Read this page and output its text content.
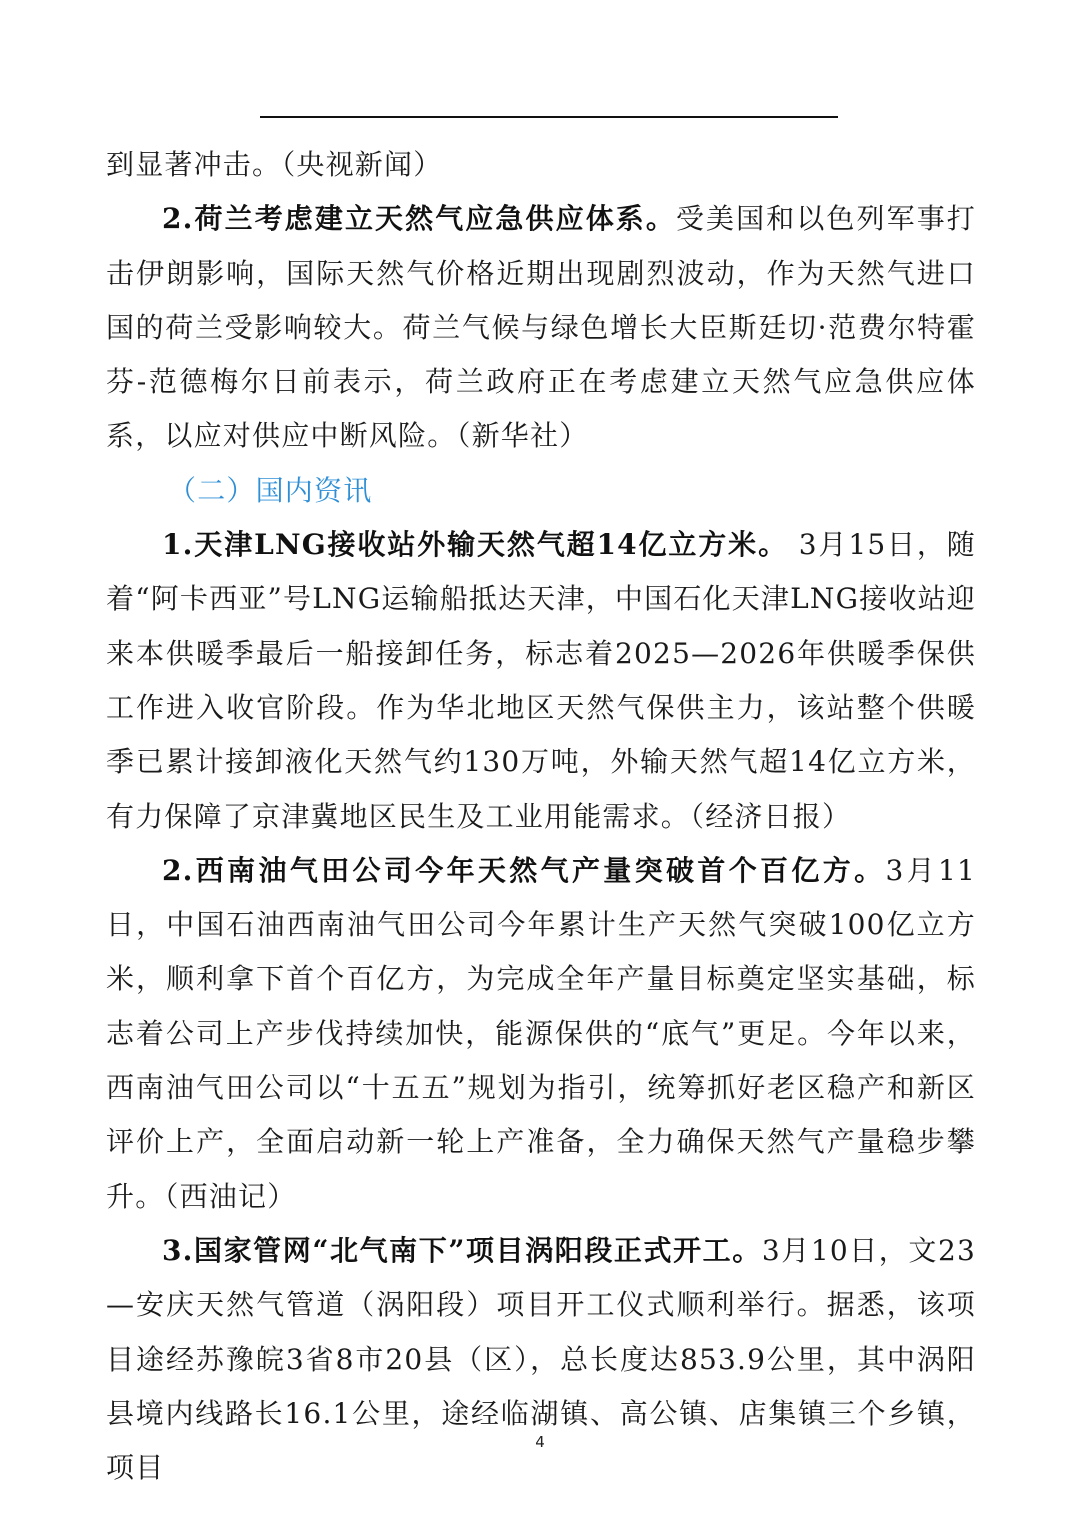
到显著冲击。（央视新闻）

2.荷兰考虑建立天然气应急供应体系。受美国和以色列军事打击伊朗影响，国际天然气价格近期出现剧烈波动，作为天然气进口国的荷兰受影响较大。荷兰气候与绿色增长大臣斯廷切·范费尔特霍芬-范德梅尔日前表示，荷兰政府正在考虑建立天然气应急供应体系，以应对供应中断风险。（新华社）

（二）国内资讯

1.天津LNG接收站外输天然气超14亿立方米。 3月15日，随着“阿卡西亚”号LNG运输船抵达天津，中国石化天津LNG接收站迎来本供暖季最后一船接卸任务，标志着2025—2026年供暖季保供工作进入收官阶段。作为华北地区天然气保供主力，该站整个供暖季已累计接卸液化天然气约130万吨，外输天然气超14亿立方米，有力保障了京津冀地区民生及工业用能需求。（经济日报）

2.西南油气田公司今年天然气产量突破首个百亿方。3月11日，中国石油西南油气田公司今年累计生产天然气突破100亿立方米，顺利拿下首个百亿方，为完成全年产量目标奠定坚实基础，标志着公司上产步伐持续加快，能源保供的“底气”更足。今年以来，西南油气田公司以“十五五”规划为指引，统筹抓好老区稳产和新区评价上产，全面启动新一轮上产准备，全力确保天然气产量稳步攀升。（西油记）

3.国家管网“北气南下”项目涡阳段正式开工。3月10日，文23—安庆天然气管道（涡阳段）项目开工仪式顺利举行。据悉，该项目途经苏豫皖3省8市20县（区），总长度达853.9公里，其中涡阳县境内线路长16.1公里，途经临湖镇、高公镇、店集镇三个乡镇，项目

4
